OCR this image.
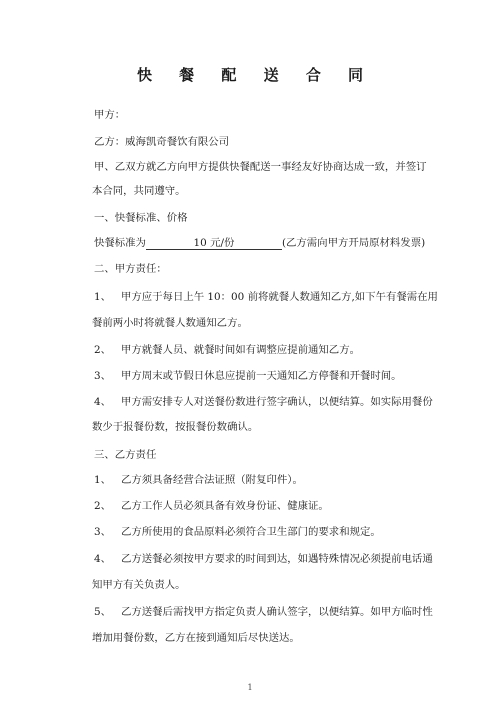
快 餐 配 送 合 同
甲方：
乙方：威海凯奇餐饮有限公司
甲、乙双方就乙方向甲方提供快餐配送一事经友好协商达成一致，并签订
本合同，共同遵守。
一、快餐标准、价格
快餐标准为	10 元/份	(乙方需向甲方开局原材料发票)
二、甲方责任：
1、 甲方应于每日上午 10：00 前将就餐人数通知乙方,如下午有餐需在用
餐前两小时将就餐人数通知乙方。
2、 甲方就餐人员、就餐时间如有调整应提前通知乙方。
3、 甲方周末或节假日休息应提前一天通知乙方停餐和开餐时间。
4、 甲方需安排专人对送餐份数进行签字确认，以便结算。如实际用餐份
数少于报餐份数，按报餐份数确认。
三、乙方责任
1、 乙方须具备经营合法证照（附复印件）。
2、 乙方工作人员必须具备有效身份证、健康证。
3、 乙方所使用的食品原料必须符合卫生部门的要求和规定。
4、 乙方送餐必须按甲方要求的时间到达，如遇特殊情况必须提前电话通
知甲方有关负责人。
5、 乙方送餐后需找甲方指定负责人确认签字，以便结算。如甲方临时性
增加用餐份数，乙方在接到通知后尽快送达。
1
